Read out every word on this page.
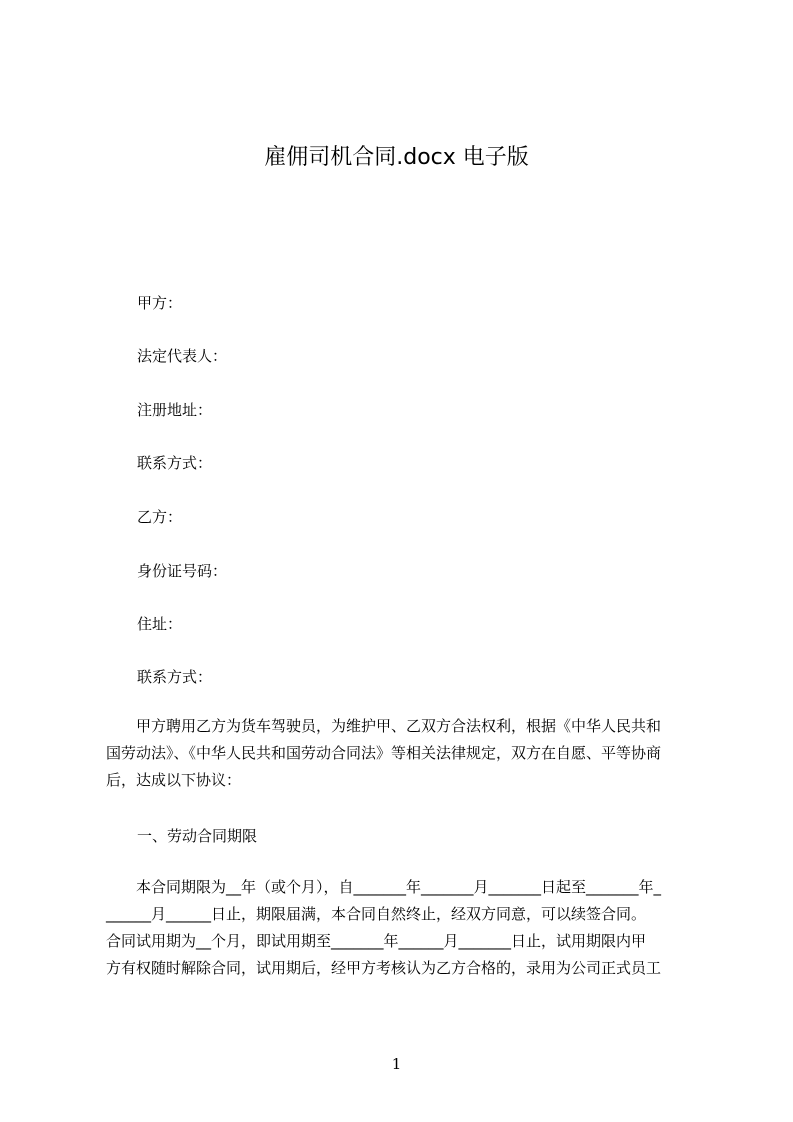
雇佣司机合同.docx 电子版
甲方：
法定代表人：
注册地址：
联系方式：
乙方：
身份证号码：
住址：
联系方式：
甲方聘用乙方为货车驾驶员，为维护甲、乙双方合法权利，根据《中华人民共和
国劳动法》、《中华人民共和国劳动合同法》等相关法律规定，双方在自愿、平等协商
后，达成以下协议：
一、劳动合同期限
本合同期限为__年（或个月），自_______年_______月_______日起至_______年_
______月______日止，期限届满，本合同自然终止，经双方同意，可以续签合同。
合同试用期为__个月，即试用期至_______年______月_______日止，试用期限内甲
方有权随时解除合同，试用期后，经甲方考核认为乙方合格的，录用为公司正式员工
1
